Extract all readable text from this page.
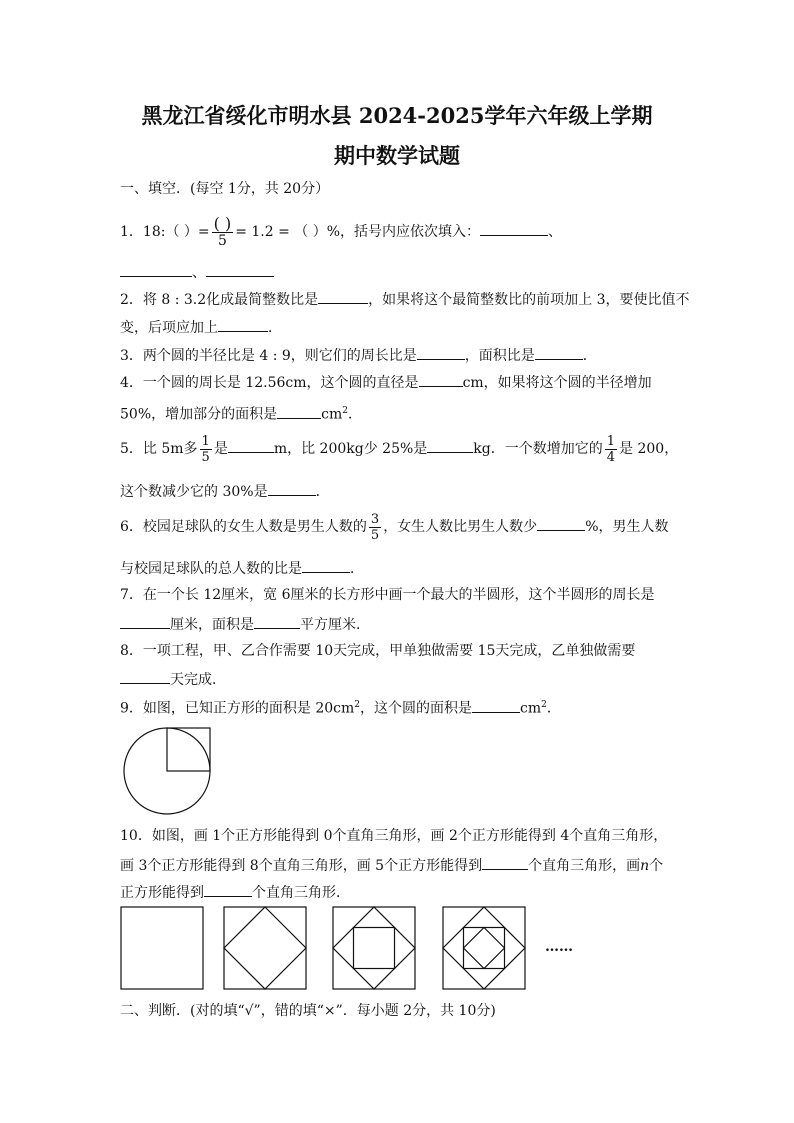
黑龙江省绥化市明水县 2024-2025学年六年级上学期
期中数学试题
一、填空．(每空 1分，共 20分）
1．18:（ ）= $\frac{( )}{5} = 1.2$ = （ ）%，括号内应依次填入：	、
、
2．将 8 : 3.2化成最简整数比是	，如果将这个最简整数比的前项加上 3，要使比值不
变，后项应加上	．
3．两个圆的半径比是 4 : 9，则它们的周长比是	，面积比是	．
4．一个圆的周长是 12.56cm，这个圆的直径是	cm，如果将这个圆的半径增加
50%，增加部分的面积是	$cm^2$．
5．比 5m多 $\frac{1}{5}$ 是	m，比 200kg少 25%是	kg．一个数增加它的 $\frac{1}{4}$ 是 200，
这个数减少它的 30%是	．
6．校园足球队的女生人数是男生人数的 $\frac{3}{5}$ ，女生人数比男生人数少	%，男生人数
与校园足球队的总人数的比是	．
7．在一个长 12厘米，宽 6厘米的长方形中画一个最大的半圆形，这个半圆形的周长是
厘米，面积是	平方厘米．
8．一项工程，甲、乙合作需要 10天完成，甲单独做需要 15天完成，乙单独做需要
天完成．
9．如图，已知正方形的面积是 $20cm^2$，这个圆的面积是	$cm^2$．
10．如图，画 1个正方形能得到 0个直角三角形，画 2个正方形能得到 4个直角三角形，
画 3个正方形能得到 8个直角三角形，画 5个正方形能得到	个直角三角形，画n个
正方形能得到	个直角三角形．
……
二、判断．(对的填“√”，错的填“×”．每小题 2分，共 10分)
